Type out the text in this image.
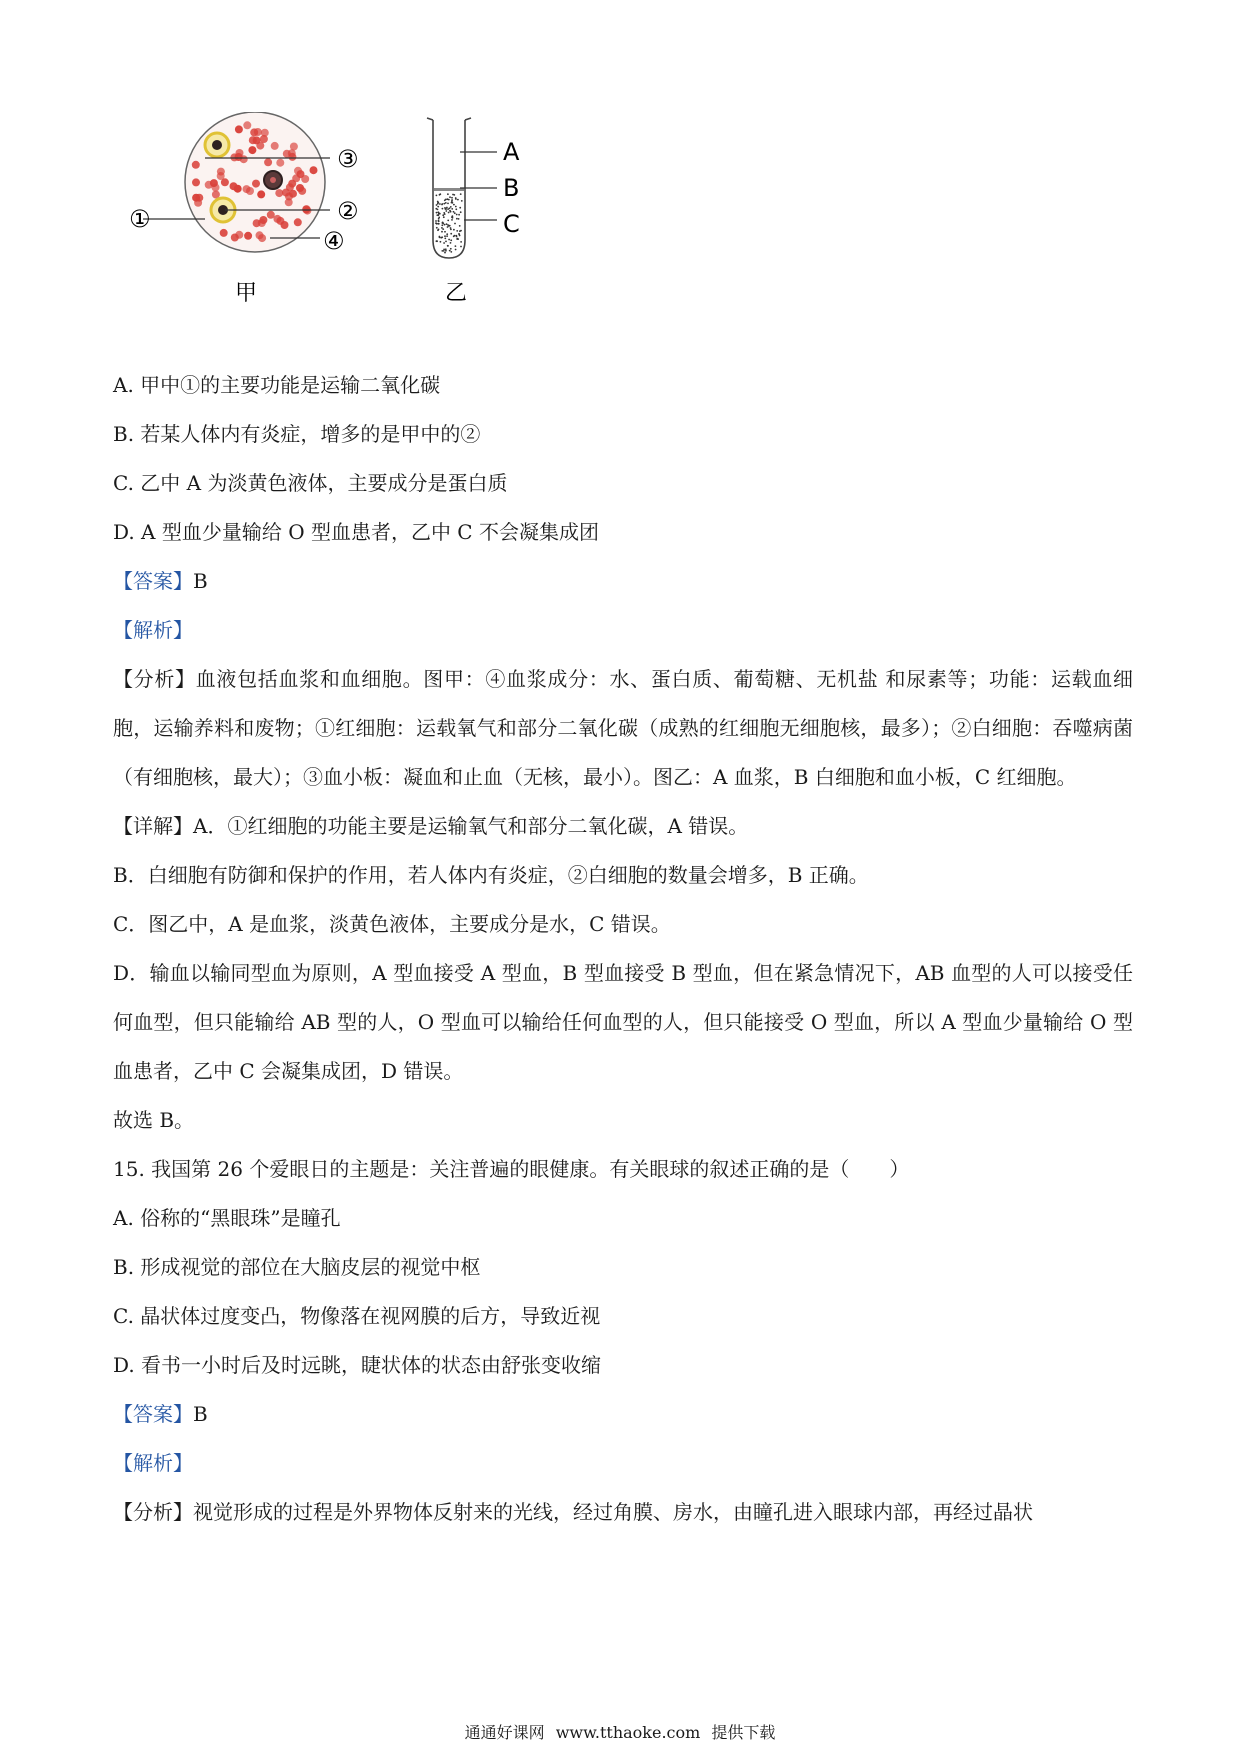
①	②
③
④
甲
A
B
C
乙

A. 甲中①的主要功能是运输二氧化碳

B. 若某人体内有炎症，增多的是甲中的②

C. 乙中 A 为淡黄色液体，主要成分是蛋白质

D. A 型血少量输给 O 型血患者，乙中 C 不会凝集成团

【答案】B

【解析】

【分析】血液包括血浆和血细胞。图甲：④血浆成分：水、蛋白质、葡萄糖、无机盐 和尿素等；功能：运载血细胞，运输养料和废物；①红细胞：运载氧气和部分二氧化碳（成熟的红细胞无细胞核，最多）；②白细胞：吞噬病菌（有细胞核，最大）；③血小板：凝血和止血（无核，最小）。图乙：A 血浆，B 白细胞和血小板，C 红细胞。

【详解】A．①红细胞的功能主要是运输氧气和部分二氧化碳，A 错误。

B．白细胞有防御和保护的作用，若人体内有炎症，②白细胞的数量会增多，B 正确。

C．图乙中，A 是血浆，淡黄色液体，主要成分是水，C 错误。

D．输血以输同型血为原则，A 型血接受 A 型血，B 型血接受 B 型血，但在紧急情况下，AB 血型的人可以接受任何血型，但只能输给 AB 型的人，O 型血可以输给任何血型的人，但只能接受 O 型血，所以 A 型血少量输给 O 型血患者，乙中 C 会凝集成团，D 错误。

故选 B。

15. 我国第 26 个爱眼日的主题是：关注普遍的眼健康。有关眼球的叙述正确的是（　　）

A. 俗称的“黑眼珠”是瞳孔

B. 形成视觉的部位在大脑皮层的视觉中枢

C. 晶状体过度变凸，物像落在视网膜的后方，导致近视

D. 看书一小时后及时远眺，睫状体的状态由舒张变收缩

【答案】B

【解析】

【分析】视觉形成的过程是外界物体反射来的光线，经过角膜、房水，由瞳孔进入眼球内部，再经过晶状

通通好课网 www.tthaoke.com 提供下载
